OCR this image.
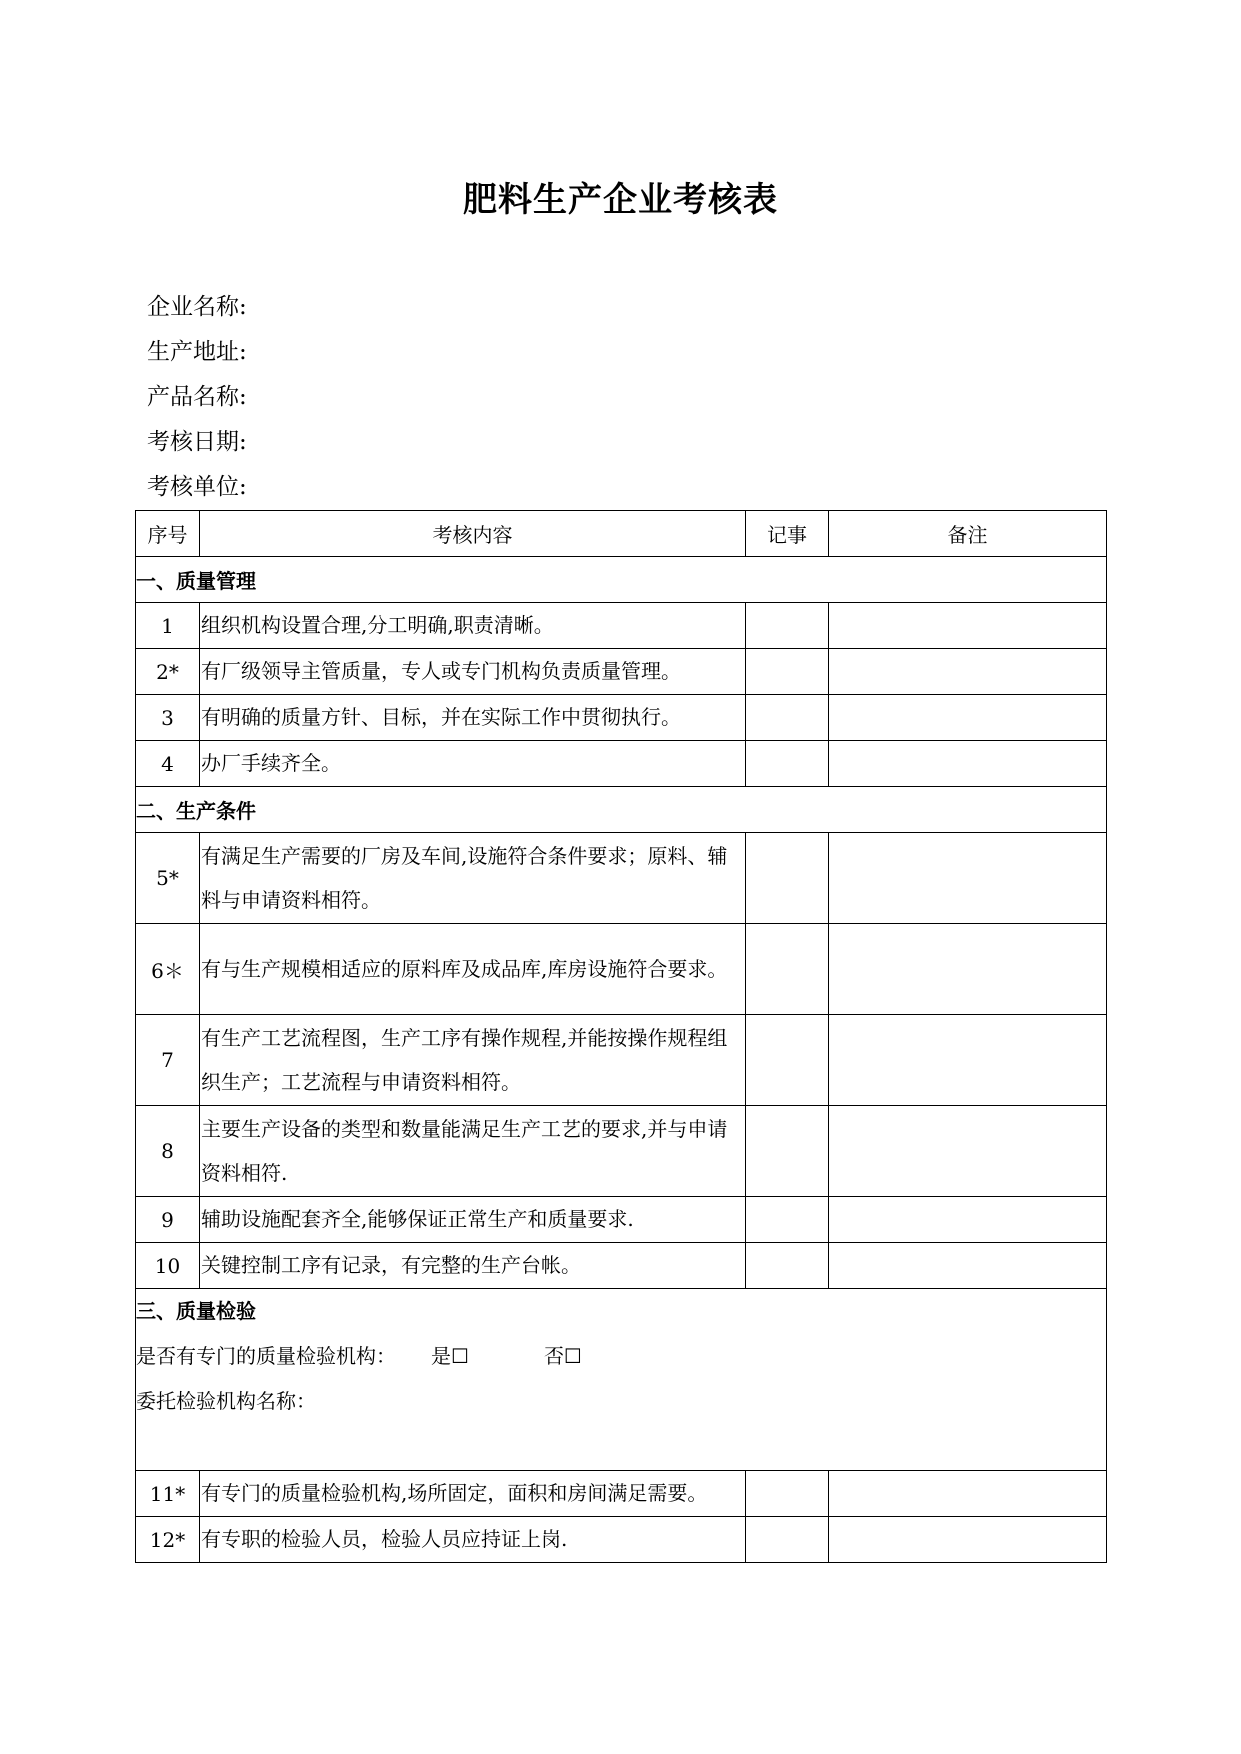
肥料生产企业考核表
企业名称:
生产地址:
产品名称:
考核日期:
考核单位:
序号	考核内容	记事	备注
一、质量管理			
1	组织机构设置合理,分工明确,职责清晰。		
2*	有厂级领导主管质量，专人或专门机构负责质量管理。		
3	有明确的质量方针、目标，并在实际工作中贯彻执行。		
4	办厂手续齐全。		
二、生产条件			
5*	有满足生产需要的厂房及车间,设施符合条件要求；原料、辅料与申请资料相符。		
6＊	有与生产规模相适应的原料库及成品库,库房设施符合要求。		
7	有生产工艺流程图，生产工序有操作规程,并能按操作规程组织生产；工艺流程与申请资料相符。		
8	主要生产设备的类型和数量能满足生产工艺的要求,并与申请资料相符.		
9	辅助设施配套齐全,能够保证正常生产和质量要求.		
10	关键控制工序有记录，有完整的生产台帐。		

三、质量检验
是否有专门的质量检验机构： 是☐ 否☐
委托检验机构名称：			

11*	有专门的质量检验机构,场所固定，面积和房间满足需要。		
12*	有专职的检验人员，检验人员应持证上岗.		
